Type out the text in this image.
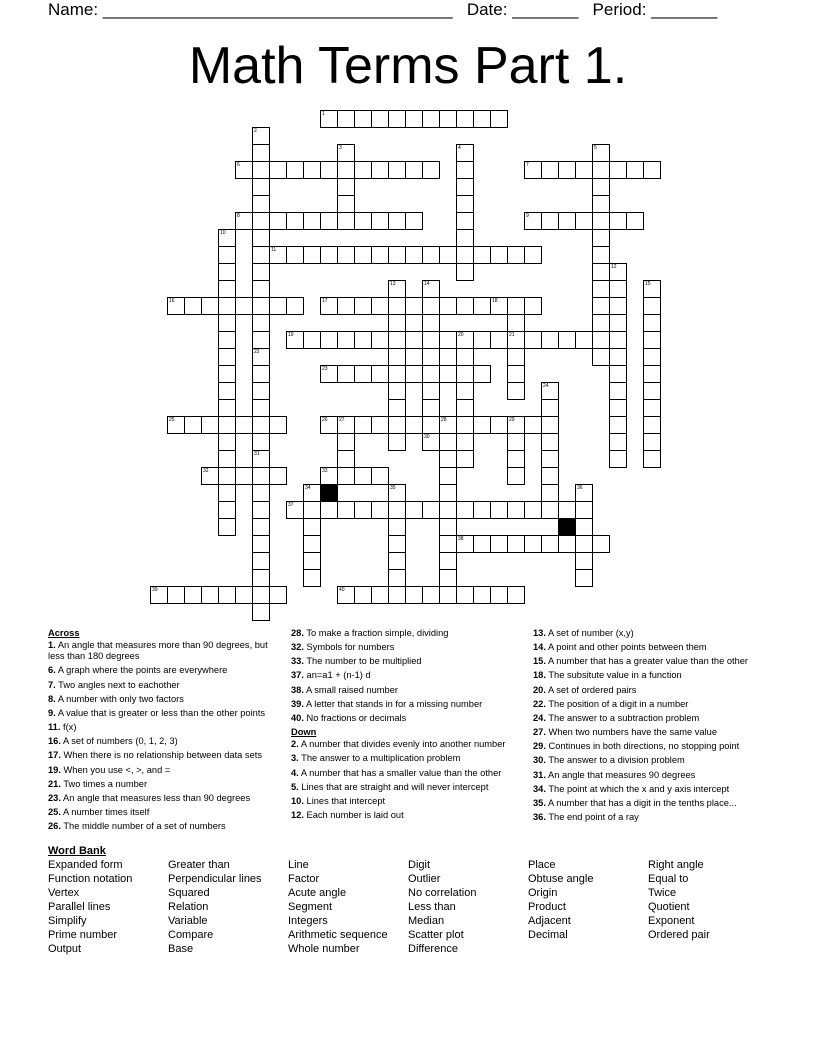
Name: _____________________________________ Date: _______ Period: _______
Math Terms Part 1.
1
2
22
31
3	4	5
6	7
8	9
10
11
12
16	17	18
13	14
30
15
19	20	21
23
24
25	26 27	28	29
32	33
35
34	36
37
38
39	40
Across
1. An angle that measures more than 90 degrees, but less than 180 degrees
6. A graph where the points are everywhere
7. Two angles next to eachother
8. A number with only two factors
9. A value that is greater or less than the other points
11. f(x)
16. A set of numbers (0, 1, 2, 3)
17. When there is no relationship between data sets
19. When you use <, >, and =
21. Two times a number
23. An angle that measures less than 90 degrees
25. A number times itself
26. The middle number of a set of numbers
28. To make a fraction simple, dividing
32. Symbols for numbers
33. The number to be multiplied
37. an=a1 + (n-1) d
38. A small raised number
39. A letter that stands in for a missing number
40. No fractions or decimals
Down
2. A number that divides evenly into another number
3. The answer to a multiplication problem
4. A number that has a smaller value than the other
5. Lines that are straight and will never intercept
10. Lines that intercept
12. Each number is laid out
13. A set of number (x,y)
14. A point and other points between them
15. A number that has a greater value than the other
18. The subsitute value in a function
20. A set of ordered pairs
22. The position of a digit in a number
24. The answer to a subtraction problem
27. When two numbers have the same value
29. Continues in both directions, no stopping point
30. The answer to a division problem
31. An angle that measures 90 degrees
34. The point at which the x and y axis intercept
35. A number that has a digit in the tenths place...
36. The end point of a ray
Word Bank
Expanded form	Greater than	Line	Digit	Place	Right angle
Function notation	Perpendicular lines	Factor	Outlier	Obtuse angle	Equal to
Vertex	Squared	Acute angle	No correlation	Origin	Twice
Parallel lines	Relation	Segment	Less than	Product	Quotient
Simplify	Variable	Integers	Median	Adjacent	Exponent
Prime number	Compare	Arithmetic sequence	Scatter plot	Decimal	Ordered pair
Output	Base	Whole number	Difference
